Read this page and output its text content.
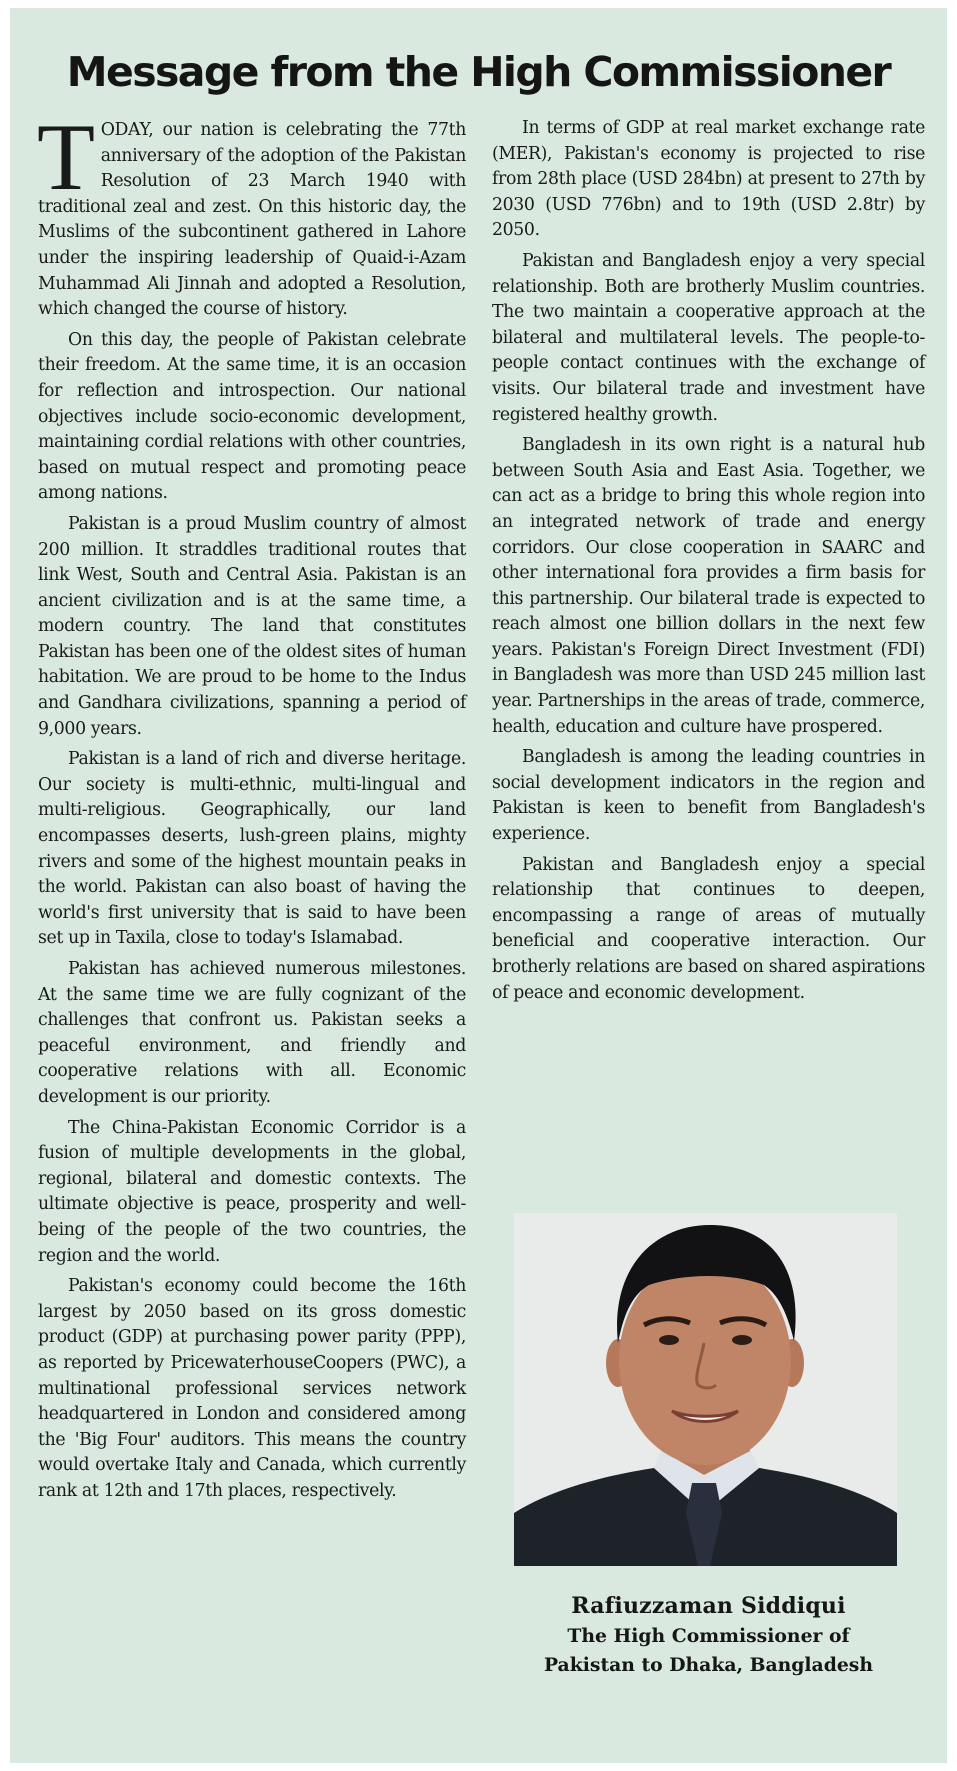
Message from the High Commissioner

TODAY, our nation is celebrating the 77th anniversary of the adoption of the Pakistan Resolution of 23 March 1940 with traditional zeal and zest. On this historic day, the Muslims of the subcontinent gathered in Lahore under the inspiring leadership of Quaid-i-Azam Muhammad Ali Jinnah and adopted a Resolution, which changed the course of history.

On this day, the people of Pakistan celebrate their freedom. At the same time, it is an occasion for reflection and introspection. Our national objectives include socio-economic development, maintaining cordial relations with other countries, based on mutual respect and promoting peace among nations.

Pakistan is a proud Muslim country of almost 200 million. It straddles traditional routes that link West, South and Central Asia. Pakistan is an ancient civilization and is at the same time, a modern country. The land that constitutes Pakistan has been one of the oldest sites of human habitation. We are proud to be home to the Indus and Gandhara civilizations, spanning a period of 9,000 years.

Pakistan is a land of rich and diverse heritage. Our society is multi-ethnic, multi-lingual and multi-religious. Geographically, our land encompasses deserts, lush-green plains, mighty rivers and some of the highest mountain peaks in the world. Pakistan can also boast of having the world's first university that is said to have been set up in Taxila, close to today's Islamabad.

Pakistan has achieved numerous milestones. At the same time we are fully cognizant of the challenges that confront us. Pakistan seeks a peaceful environment, and friendly and cooperative relations with all. Economic development is our priority.

The China-Pakistan Economic Corridor is a fusion of multiple developments in the global, regional, bilateral and domestic contexts. The ultimate objective is peace, prosperity and well-being of the people of the two countries, the region and the world.

Pakistan's economy could become the 16th largest by 2050 based on its gross domestic product (GDP) at purchasing power parity (PPP), as reported by PricewaterhouseCoopers (PWC), a multinational professional services network headquartered in London and considered among the 'Big Four' auditors. This means the country would overtake Italy and Canada, which currently rank at 12th and 17th places, respectively.

In terms of GDP at real market exchange rate (MER), Pakistan's economy is projected to rise from 28th place (USD 284bn) at present to 27th by 2030 (USD 776bn) and to 19th (USD 2.8tr) by 2050.

Pakistan and Bangladesh enjoy a very special relationship. Both are brotherly Muslim countries. The two maintain a cooperative approach at the bilateral and multilateral levels. The people-to-people contact continues with the exchange of visits. Our bilateral trade and investment have registered healthy growth.

Bangladesh in its own right is a natural hub between South Asia and East Asia. Together, we can act as a bridge to bring this whole region into an integrated network of trade and energy corridors. Our close cooperation in SAARC and other international fora provides a firm basis for this partnership. Our bilateral trade is expected to reach almost one billion dollars in the next few years. Pakistan's Foreign Direct Investment (FDI) in Bangladesh was more than USD 245 million last year. Partnerships in the areas of trade, commerce, health, education and culture have prospered.

Bangladesh is among the leading countries in social development indicators in the region and Pakistan is keen to benefit from Bangladesh's experience.

Pakistan and Bangladesh enjoy a special relationship that continues to deepen, encompassing a range of areas of mutually beneficial and cooperative interaction. Our brotherly relations are based on shared aspirations of peace and economic development.

Rafiuzzaman Siddiqui
The High Commissioner of
Pakistan to Dhaka, Bangladesh
